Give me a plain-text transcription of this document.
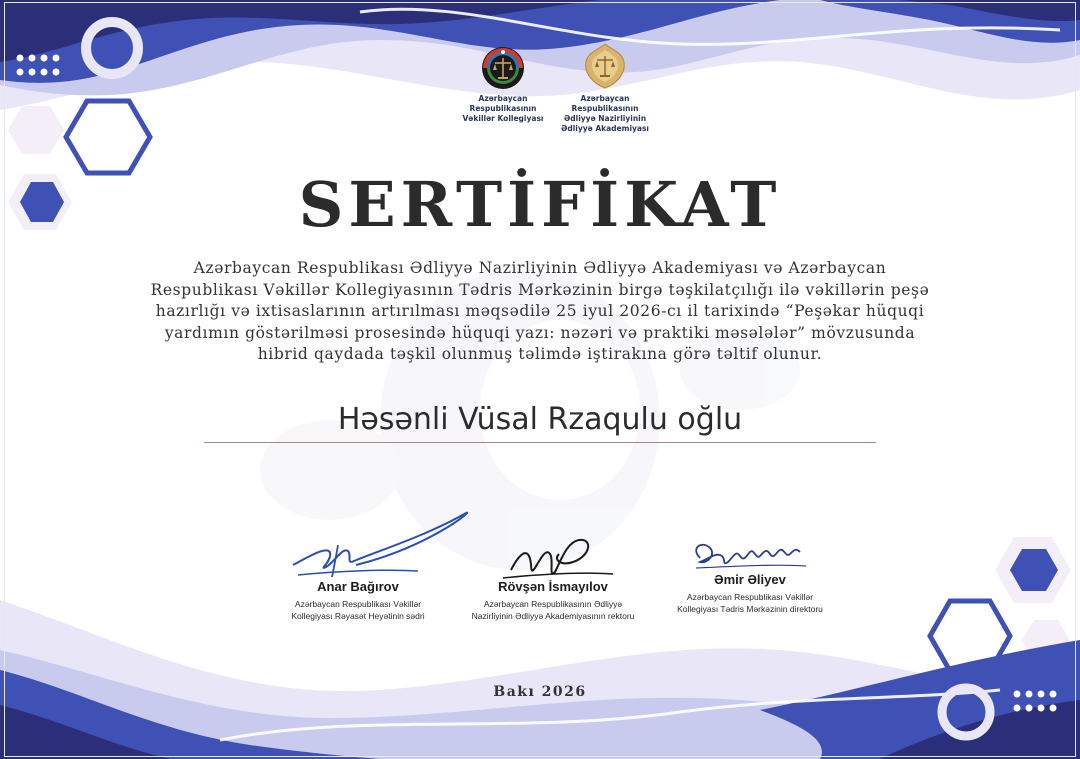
Azərbaycan
Respublikasının
Vəkillər Kollegiyası
Azərbaycan
Respublikasının
Ədliyyə Nazirliyinin
Ədliyyə Akademiyası
SERTİFİKAT
Azərbaycan Respublikası Ədliyyə Nazirliyinin Ədliyyə Akademiyası və Azərbaycan
Respublikası Vəkillər Kollegiyasının Tədris Mərkəzinin birgə təşkilatçılığı ilə vəkillərin peşə
hazırlığı və ixtisaslarının artırılması məqsədilə 25 iyul 2026-cı il tarixində “Peşəkar hüquqi
yardımın göstərilməsi prosesində hüquqi yazı: nəzəri və praktiki məsələlər” mövzusunda
hibrid qaydada təşkil olunmuş təlimdə iştirakına görə təltif olunur.
Həsənli Vüsal Rzaqulu oğlu
Anar Bağırov
Azərbaycan Respublikası Vəkillər
Kollegiyası Rəyasət Heyətinin sədri
Rövşən İsmayılov
Azərbaycan Respublikasının Ədliyyə
Nazirliyinin Ədliyyə Akademiyasının rektoru
Əmir Əliyev
Azərbaycan Respublikası Vəkillər
Kollegiyası Tədris Mərkəzinin direktoru
Bakı 2026
